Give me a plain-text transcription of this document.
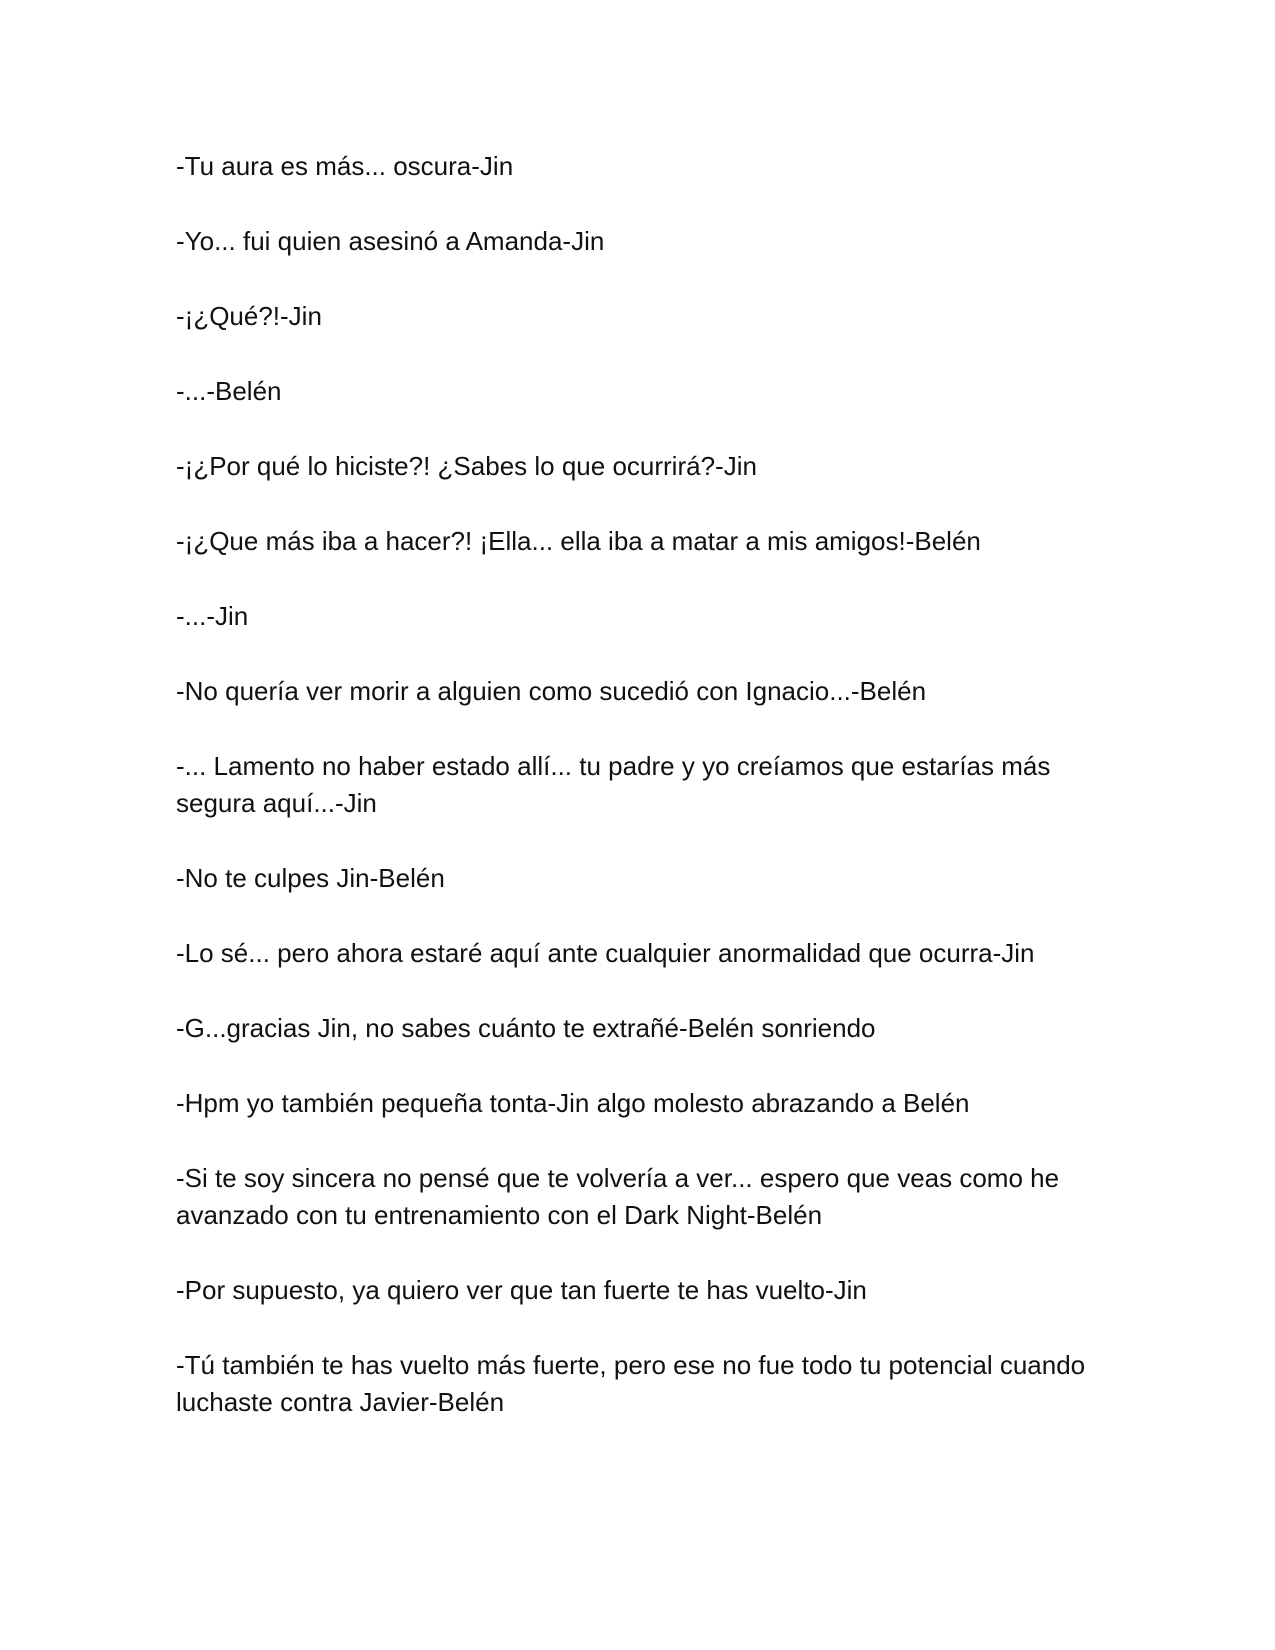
-Tu aura es más... oscura-Jin

-Yo... fui quien asesinó a Amanda-Jin

-¡¿Qué?!-Jin

-...-Belén

-¡¿Por qué lo hiciste?! ¿Sabes lo que ocurrirá?-Jin

-¡¿Que más iba a hacer?! ¡Ella... ella iba a matar a mis amigos!-Belén

-...-Jin

-No quería ver morir a alguien como sucedió con Ignacio...-Belén

-... Lamento no haber estado allí... tu padre y yo creíamos que estarías más segura aquí...-Jin

-No te culpes Jin-Belén

-Lo sé... pero ahora estaré aquí ante cualquier anormalidad que ocurra-Jin

-G...gracias Jin, no sabes cuánto te extrañé-Belén sonriendo

-Hpm yo también pequeña tonta-Jin algo molesto abrazando a Belén

-Si te soy sincera no pensé que te volvería a ver... espero que veas como he avanzado con tu entrenamiento con el Dark Night-Belén

-Por supuesto, ya quiero ver que tan fuerte te has vuelto-Jin

-Tú también te has vuelto más fuerte, pero ese no fue todo tu potencial cuando luchaste contra Javier-Belén
